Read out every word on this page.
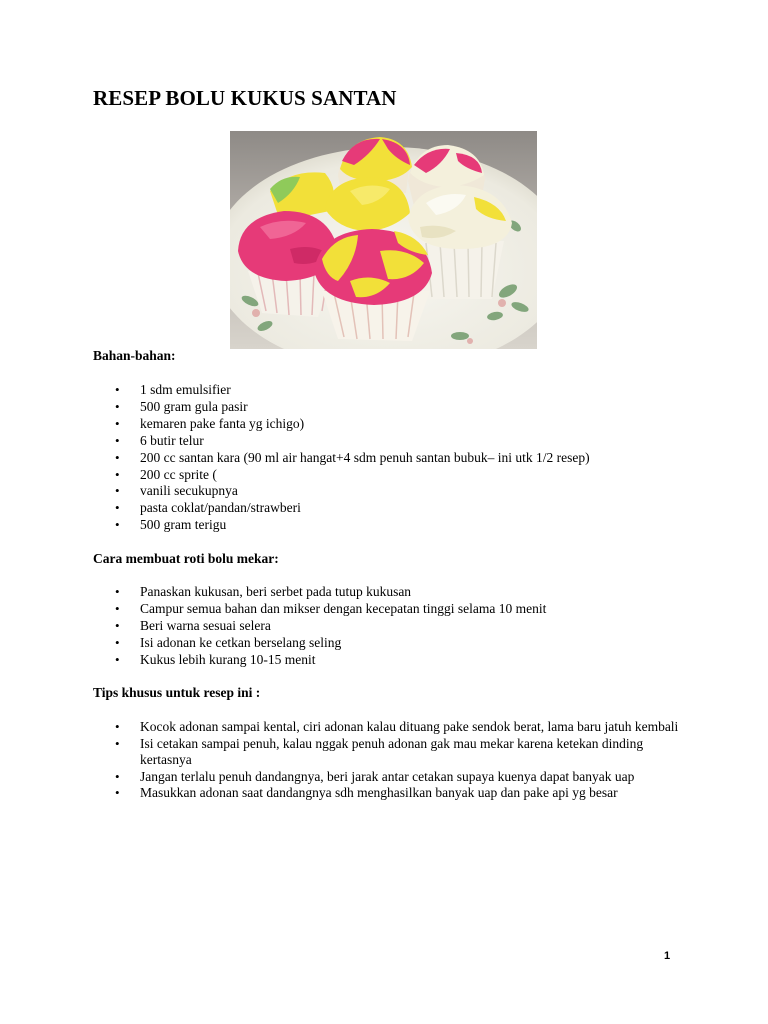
RESEP BOLU KUKUS SANTAN
Bahan-bahan:
• 1 sdm emulsifier
• 500 gram gula pasir
• kemaren pake fanta yg ichigo)
• 6 butir telur
• 200 cc santan kara (90 ml air hangat+4 sdm penuh santan bubuk– ini utk 1/2 resep)
• 200 cc sprite (
• vanili secukupnya
• pasta coklat/pandan/strawberi
• 500 gram terigu
Cara membuat roti bolu mekar:
• Panaskan kukusan, beri serbet pada tutup kukusan
• Campur semua bahan dan mikser dengan kecepatan tinggi selama 10 menit
• Beri warna sesuai selera
• Isi adonan ke cetkan berselang seling
• Kukus lebih kurang 10-15 menit
Tips khusus untuk resep ini :
• Kocok adonan sampai kental, ciri adonan kalau dituang pake sendok berat, lama baru jatuh kembali
• Isi cetakan sampai penuh, kalau nggak penuh adonan gak mau mekar karena ketekan dinding kertasnya
• Jangan terlalu penuh dandangnya, beri jarak antar cetakan supaya kuenya dapat banyak uap
• Masukkan adonan saat dandangnya sdh menghasilkan banyak uap dan pake api yg besar
1
